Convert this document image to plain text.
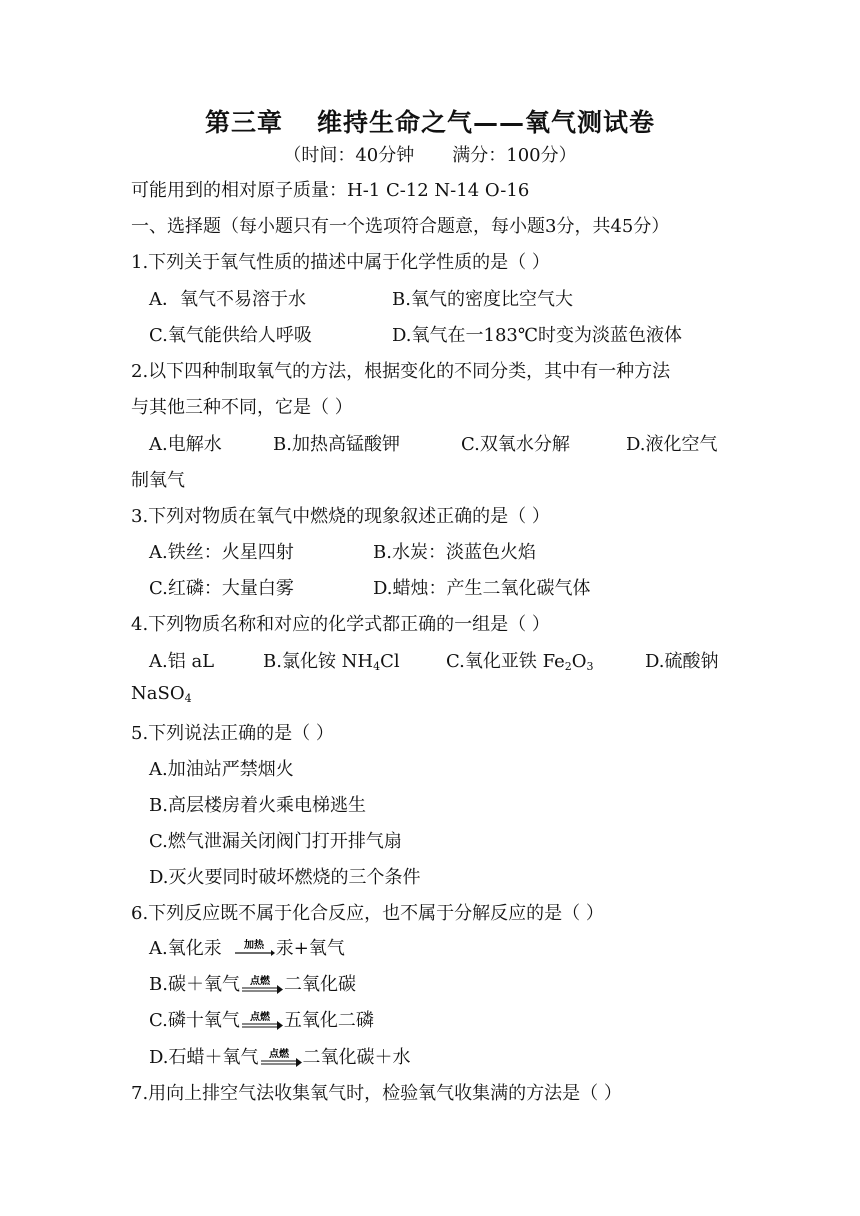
第三章 维持生命之气——氧气测试卷
（时间：40分钟 满分：100分）
可能用到的相对原子质量：H-1 C-12 N-14 O-16
一、选择题（每小题只有一个选项符合题意，每小题3分，共45分）
1.下列关于氧气性质的描述中属于化学性质的是（ ）
A．氧气不易溶于水	B.氧气的密度比空气大
C.氧气能供给人呼吸	D.氧气在一183℃时变为淡蓝色液体
2.以下四种制取氧气的方法，根据变化的不同分类，其中有一种方法
与其他三种不同，它是（ ）
A.电解水	B.加热高锰酸钾	C.双氧水分解	D.液化空气
制氧气
3.下列对物质在氧气中燃烧的现象叙述正确的是（ ）
A.铁丝：火星四射	B.水炭：淡蓝色火焰
C.红磷：大量白雾	D.蜡烛：产生二氧化碳气体
4.下列物质名称和对应的化学式都正确的一组是（ ）
A.铝 aL	B.氯化铵 $NH_4Cl$	C.氧化亚铁 $Fe_2O_3$	D.硫酸钠
NaSO$_4$
5.下列说法正确的是（ ）
A.加油站严禁烟火
B.高层楼房着火乘电梯逃生
C.燃气泄漏关闭阀门打开排气扇
D.灭火要同时破坏燃烧的三个条件
6.下列反应既不属于化合反应，也不属于分解反应的是（ ）
A.氧化汞 加热 汞+氧气
B.碳＋氧气 点燃 二氧化碳
C.磷十氧气 点燃 五氧化二磷
D.石蜡＋氧气 点燃 二氧化碳＋水
7.用向上排空气法收集氧气时，检验氧气收集满的方法是（ ）
